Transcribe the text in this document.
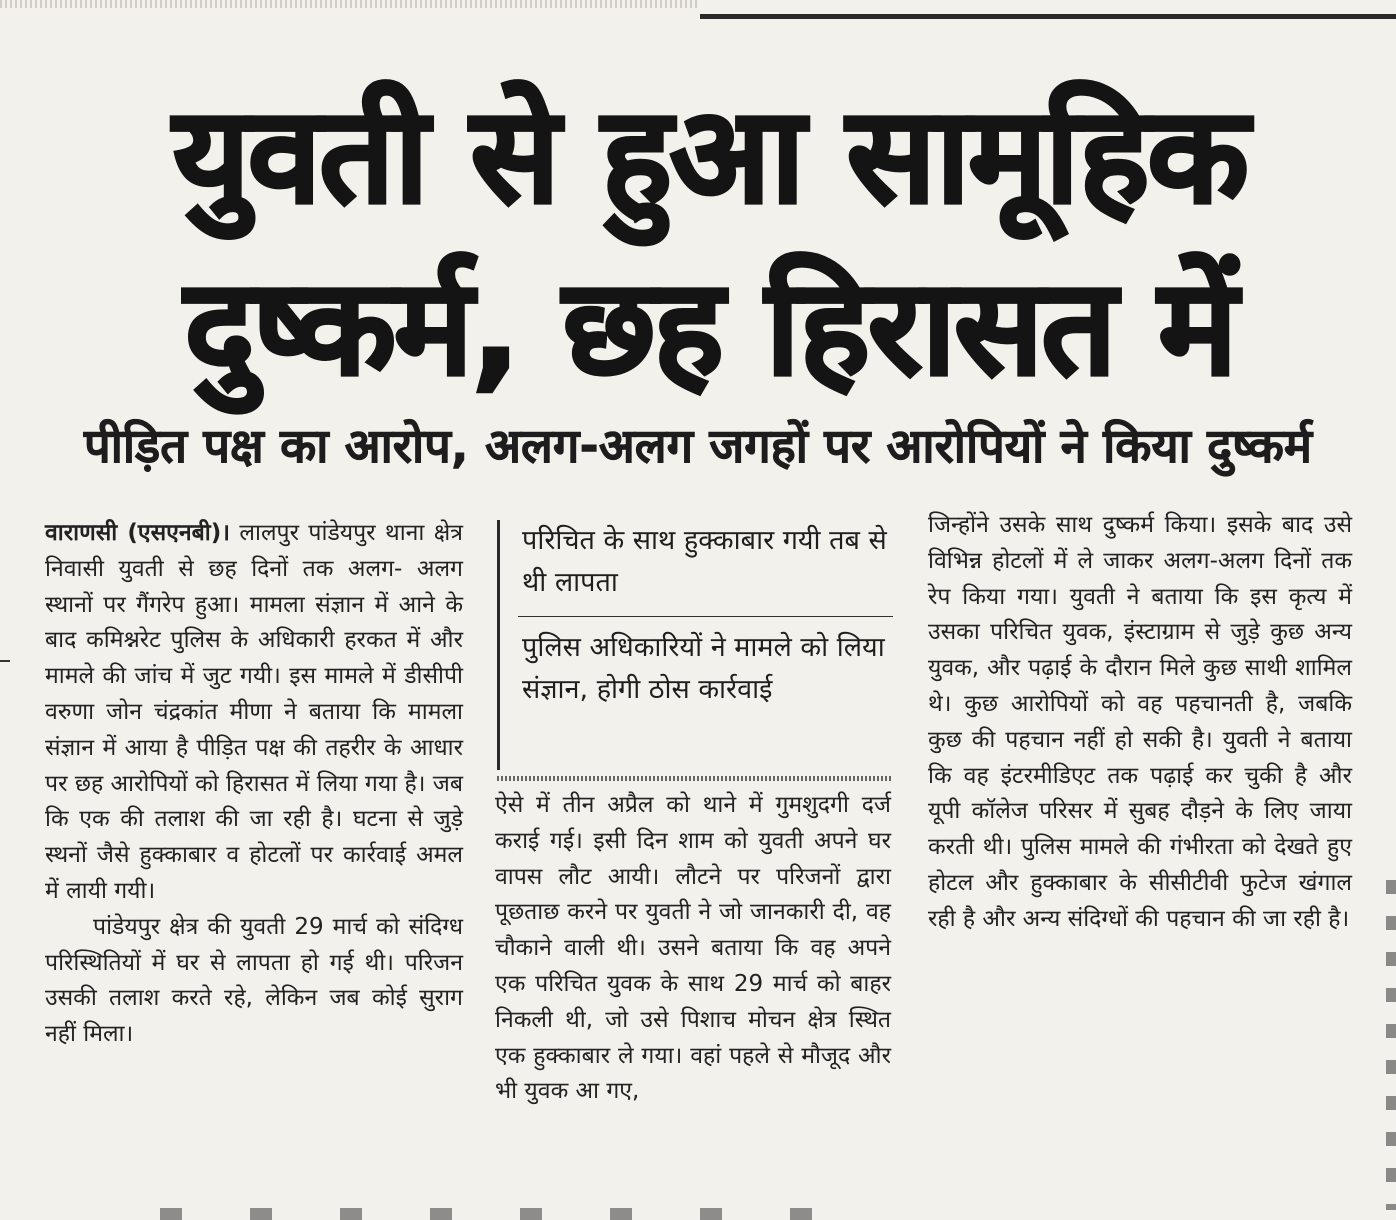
युवती से हुआ सामूहिक दुष्कर्म, छह हिरासत में
पीड़ित पक्ष का आरोप, अलग-अलग जगहों पर आरोपियों ने किया दुष्कर्म

वाराणसी (एसएनबी)। लालपुर पांडेयपुर थाना क्षेत्र निवासी युवती से छह दिनों तक अलग- अलग स्थानों पर गैंगरेप हुआ। मामला संज्ञान में आने के बाद कमिश्नरेट पुलिस के अधिकारी हरकत में और मामले की जांच में जुट गयी। इस मामले में डीसीपी वरुणा जोन चंद्रकांत मीणा ने बताया कि मामला संज्ञान में आया है पीड़ित पक्ष की तहरीर के आधार पर छह आरोपियों को हिरासत में लिया गया है। जब कि एक की तलाश की जा रही है। घटना से जुड़े स्थनों जैसे हुक्काबार व होटलों पर कार्रवाई अमल में लायी गयी।

पांडेयपुर क्षेत्र की युवती 29 मार्च को संदिग्ध परिस्थितियों में घर से लापता हो गई थी। परिजन उसकी तलाश करते रहे, लेकिन जब कोई सुराग नहीं मिला।

परिचित के साथ हुक्काबार गयी तब से थी लापता

पुलिस अधिकारियों ने मामले को लिया संज्ञान, होगी ठोस कार्रवाई

ऐसे में तीन अप्रैल को थाने में गुमशुदगी दर्ज कराई गई। इसी दिन शाम को युवती अपने घर वापस लौट आयी। लौटने पर परिजनों द्वारा पूछताछ करने पर युवती ने जो जानकारी दी, वह चौकाने वाली थी। उसने बताया कि वह अपने एक परिचित युवक के साथ 29 मार्च को बाहर निकली थी, जो उसे पिशाच मोचन क्षेत्र स्थित एक हुक्काबार ले गया। वहां पहले से मौजूद और भी युवक आ गए,

जिन्होंने उसके साथ दुष्कर्म किया। इसके बाद उसे विभिन्न होटलों में ले जाकर अलग-अलग दिनों तक रेप किया गया। युवती ने बताया कि इस कृत्य में उसका परिचित युवक, इंस्टाग्राम से जुड़े कुछ अन्य युवक, और पढ़ाई के दौरान मिले कुछ साथी शामिल थे। कुछ आरोपियों को वह पहचानती है, जबकि कुछ की पहचान नहीं हो सकी है। युवती ने बताया कि वह इंटरमीडिएट तक पढ़ाई कर चुकी है और यूपी कॉलेज परिसर में सुबह दौड़ने के लिए जाया करती थी। पुलिस मामले की गंभीरता को देखते हुए होटल और हुक्काबार के सीसीटीवी फुटेज खंगाल रही है और अन्य संदिग्धों की पहचान की जा रही है।
